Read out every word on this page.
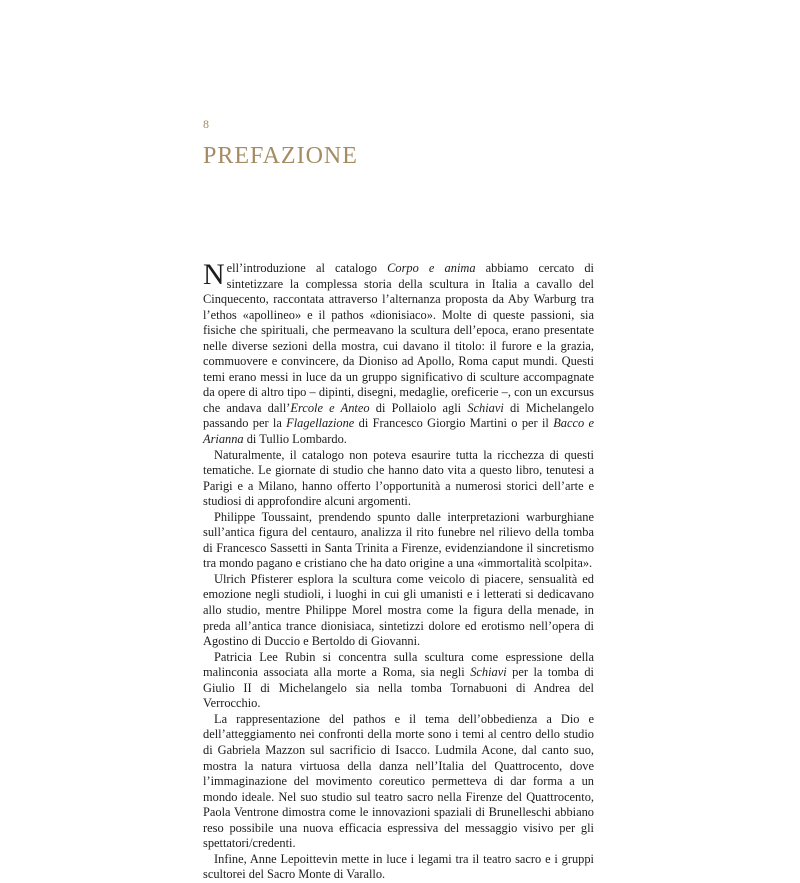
8
PREFAZIONE

Nell’introduzione al catalogo Corpo e anima abbiamo cercato di sintetizzare la complessa storia della scultura in Italia a cavallo del Cinquecento, raccontata attraverso l’alternanza proposta da Aby Warburg tra l’ethos «apollineo» e il pathos «dionisiaco». Molte di queste passioni, sia fisiche che spirituali, che permeavano la scultura dell’epoca, erano presentate nelle diverse sezioni della mostra, cui davano il titolo: il furore e la grazia, commuovere e convincere, da Dioniso ad Apollo, Roma caput mundi. Questi temi erano messi in luce da un gruppo significativo di sculture accompagnate da opere di altro tipo – dipinti, disegni, medaglie, oreficerie –, con un excursus che andava dall’Ercole e Anteo di Pollaiolo agli Schiavi di Michelangelo passando per la Flagellazione di Francesco Giorgio Martini o per il Bacco e Arianna di Tullio Lombardo.

Naturalmente, il catalogo non poteva esaurire tutta la ricchezza di questi tematiche. Le giornate di studio che hanno dato vita a questo libro, tenutesi a Parigi e a Milano, hanno offerto l’opportunità a numerosi storici dell’arte e studiosi di approfondire alcuni argomenti.

Philippe Toussaint, prendendo spunto dalle interpretazioni warburghiane sull’antica figura del centauro, analizza il rito funebre nel rilievo della tomba di Francesco Sassetti in Santa Trinita a Firenze, evidenziandone il sincretismo tra mondo pagano e cristiano che ha dato origine a una «immortalità scolpita».

Ulrich Pfisterer esplora la scultura come veicolo di piacere, sensualità ed emozione negli studioli, i luoghi in cui gli umanisti e i letterati si dedicavano allo studio, mentre Philippe Morel mostra come la figura della menade, in preda all’antica trance dionisiaca, sintetizzi dolore ed erotismo nell’opera di Agostino di Duccio e Bertoldo di Giovanni.

Patricia Lee Rubin si concentra sulla scultura come espressione della malinconia associata alla morte a Roma, sia negli Schiavi per la tomba di Giulio II di Michelangelo sia nella tomba Tornabuoni di Andrea del Verrocchio.

La rappresentazione del pathos e il tema dell’obbedienza a Dio e dell’atteggiamento nei confronti della morte sono i temi al centro dello studio di Gabriela Mazzon sul sacrificio di Isacco. Ludmila Acone, dal canto suo, mostra la natura virtuosa della danza nell’Italia del Quattrocento, dove l’immaginazione del movimento coreutico permetteva di dar forma a un mondo ideale. Nel suo studio sul teatro sacro nella Firenze del Quattrocento, Paola Ventrone dimostra come le innovazioni spaziali di Brunelleschi abbiano reso possibile una nuova efficacia espressiva del messaggio visivo per gli spettatori/credenti.

Infine, Anne Lepoittevin mette in luce i legami tra il teatro sacro e i gruppi scultorei del Sacro Monte di Varallo.
